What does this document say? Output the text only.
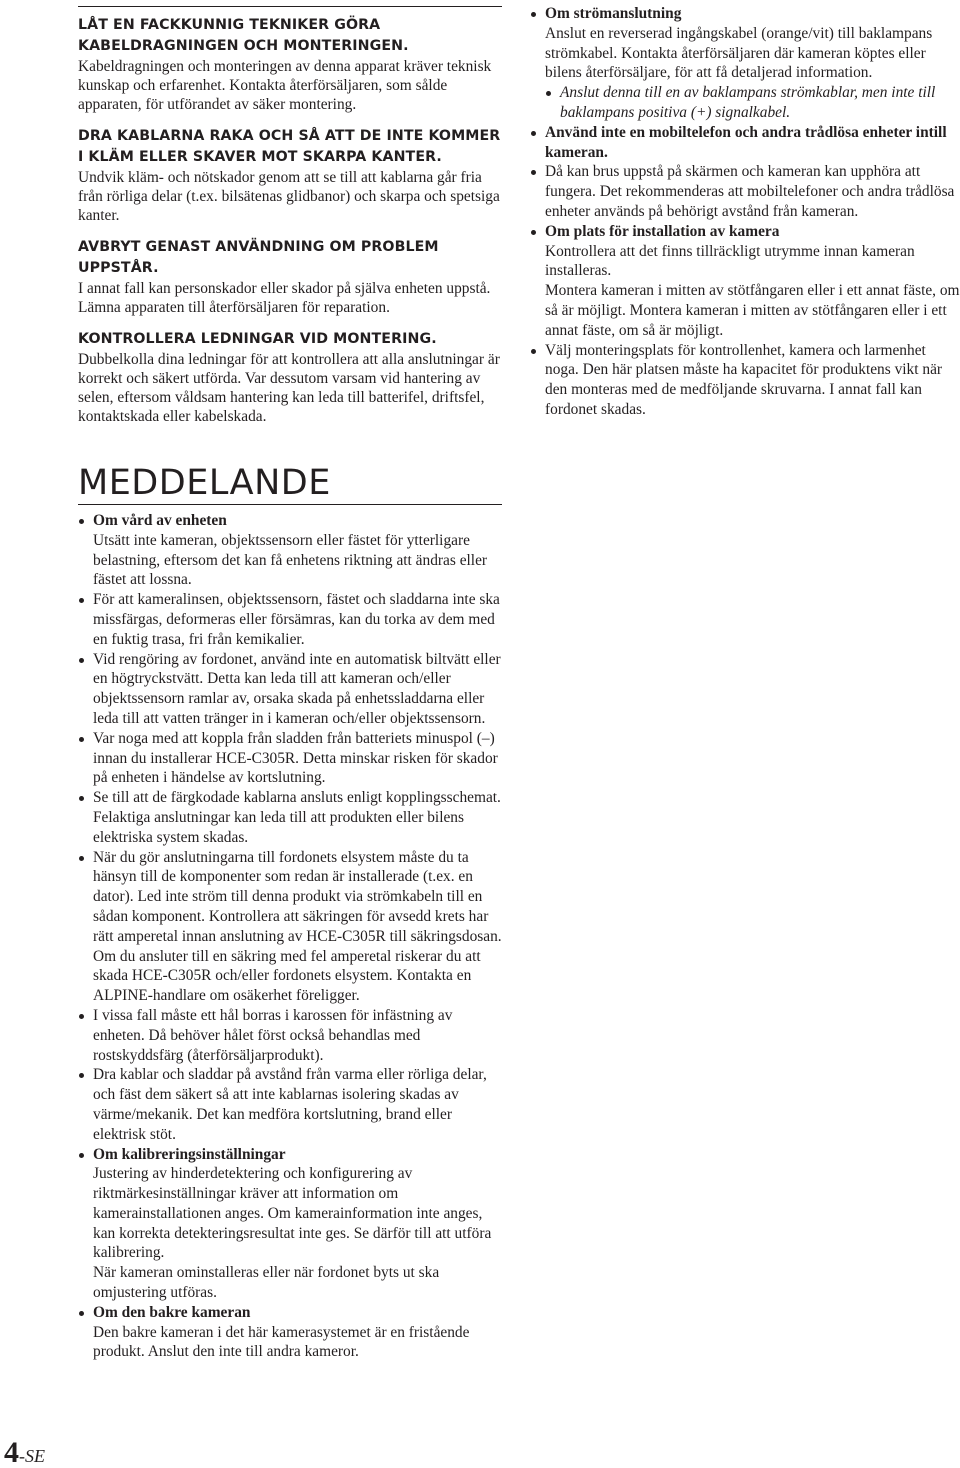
LÅT EN FACKKUNNIG TEKNIKER GÖRA KABELDRAGNINGEN OCH MONTERINGEN.
Kabeldragningen och monteringen av denna apparat kräver teknisk kunskap och erfarenhet. Kontakta återförsäljaren, som sålde apparaten, för utförandet av säker montering.
DRA KABLARNA RAKA OCH SÅ ATT DE INTE KOMMER I KLÄM ELLER SKAVER MOT SKARPA KANTER.
Undvik kläm- och nötskador genom att se till att kablarna går fria från rörliga delar (t.ex. bilsätenas glidbanor) och skarpa och spetsiga kanter.
AVBRYT GENAST ANVÄNDNING OM PROBLEM UPPSTÅR.
I annat fall kan personskador eller skador på själva enheten uppstå. Lämna apparaten till återförsäljaren för reparation.
KONTROLLERA LEDNINGAR VID MONTERING.
Dubbelkolla dina ledningar för att kontrollera att alla anslutningar är korrekt och säkert utförda. Var dessutom varsam vid hantering av selen, eftersom våldsam hantering kan leda till batterifel, driftsfel, kontaktskada eller kabelskada.
MEDDELANDE
Om vård av enheten
Utsätt inte kameran, objektssensorn eller fästet för ytterligare belastning, eftersom det kan få enhetens riktning att ändras eller fästet att lossna.
För att kameralinsen, objektssensorn, fästet och sladdarna inte ska missfärgas, deformeras eller försämras, kan du torka av dem med en fuktig trasa, fri från kemikalier.
Vid rengöring av fordonet, använd inte en automatisk biltvätt eller en högtryckstvätt. Detta kan leda till att kameran och/eller objektssensorn ramlar av, orsaka skada på enhetssladdarna eller leda till att vatten tränger in i kameran och/eller objektssensorn.
Var noga med att koppla från sladden från batteriets minuspol (–) innan du installerar HCE-C305R. Detta minskar risken för skador på enheten i händelse av kortslutning.
Se till att de färgkodade kablarna ansluts enligt kopplingsschemat. Felaktiga anslutningar kan leda till att produkten eller bilens elektriska system skadas.
När du gör anslutningarna till fordonets elsystem måste du ta hänsyn till de komponenter som redan är installerade (t.ex. en dator). Led inte ström till denna produkt via strömkabeln till en sådan komponent. Kontrollera att säkringen för avsedd krets har rätt amperetal innan anslutning av HCE-C305R till säkringsdosan. Om du ansluter till en säkring med fel amperetal riskerar du att skada HCE-C305R och/eller fordonets elsystem. Kontakta en ALPINE-handlare om osäkerhet föreligger.
I vissa fall måste ett hål borras i karossen för infästning av enheten. Då behöver hålet först också behandlas med rostskyddsfärg (återförsäljarprodukt).
Dra kablar och sladdar på avstånd från varma eller rörliga delar, och fäst dem säkert så att inte kablarnas isolering skadas av värme/mekanik. Det kan medföra kortslutning, brand eller elektrisk stöt.
Om kalibreringsinställningar
Justering av hinderdetektering och konfigurering av riktmärkesinställningar kräver att information om kamerainstallationen anges. Om kamerainformation inte anges, kan korrekta detekteringsresultat inte ges. Se därför till att utföra kalibrering.
När kameran ominstalleras eller när fordonet byts ut ska omjustering utföras.
Om den bakre kameran
Den bakre kameran i det här kamerasystemet är en fristående produkt. Anslut den inte till andra kameror.
Om strömanslutning
Anslut en reverserad ingångskabel (orange/vit) till baklampans strömkabel. Kontakta återförsäljaren där kameran köptes eller bilens återförsäljare, för att få detaljerad information.
Anslut denna till en av baklampans strömkablar, men inte till baklampans positiva (+) signalkabel.
Använd inte en mobiltelefon och andra trådlösa enheter intill kameran.
Då kan brus uppstå på skärmen och kameran kan upphöra att fungera. Det rekommenderas att mobiltelefoner och andra trådlösa enheter används på behörigt avstånd från kameran.
Om plats för installation av kamera
Kontrollera att det finns tillräckligt utrymme innan kameran installeras.
Montera kameran i mitten av stötfångaren eller i ett annat fäste, om så är möjligt. Montera kameran i mitten av stötfångaren eller i ett annat fäste, om så är möjligt.
Välj monteringsplats för kontrollenhet, kamera och larmenhet noga. Den här platsen måste ha kapacitet för produktens vikt när den monteras med de medföljande skruvarna. I annat fall kan fordonet skadas.
4-SE
